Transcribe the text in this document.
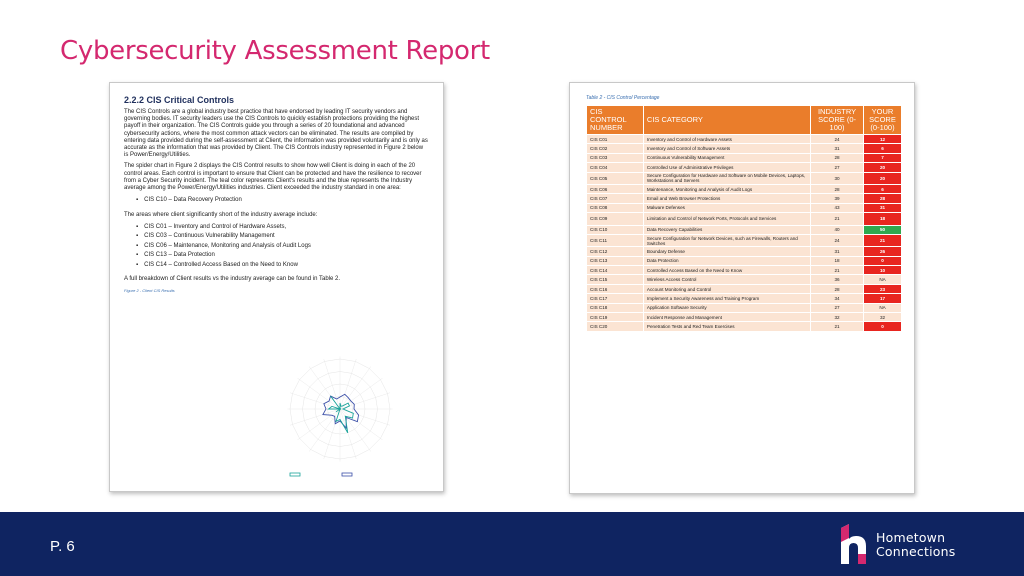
Cybersecurity Assessment Report
2.2.2 CIS Critical Controls

The CIS Controls are a global industry best practice that have endorsed by leading IT security vendors and governing bodies. IT security leaders use the CIS Controls to quickly establish protections providing the highest payoff in their organization. The CIS Controls guide you through a series of 20 foundational and advanced cybersecurity actions, where the most common attack vectors can be eliminated. The results are compiled by entering data provided during the self-assessment at Client, the information was provided voluntarily and is only as accurate as the information that was provided by Client. The CIS Controls industry represented in Figure 2 below is Power/Energy/Utilities.

The spider chart in Figure 2 displays the CIS Control results to show how well Client is doing in each of the 20 control areas. Each control is important to ensure that Client can be protected and have the resilience to recover from a Cyber Security incident. The teal color represents Client's results and the blue represents the Industry average among the Power/Energy/Utilities industries. Client exceeded the industry standard in one area:

▪ CIS C10 – Data Recovery Protection

The areas where client significantly short of the industry average include:

▪ CIS C01 – Inventory and Control of Hardware Assets,
▪ CIS C03 – Continuous Vulnerability Management
▪ CIS C06 – Maintenance, Monitoring and Analysis of Audit Logs
▪ CIS C13 – Data Protection
▪ CIS C14 – Controlled Access Based on the Need to Know

A full breakdown of Client results vs the industry average can be found in Table 2.

Figure 2 - Client CIS Results
Table 2 - CIS Control Percentage
CIS CONTROL NUMBER	CIS CATEGORY	INDUSTRY SCORE (0-100)	YOUR SCORE (0-100)
CIS C01	Inventory and Control of Hardware Assets	24	12
CIS C02	Inventory and Control of Software Assets	31	6
CIS C03	Continuous Vulnerability Management	28	7
CIS C04	Controlled Use of Administrative Privileges	27	20
CIS C05	Secure Configuration for Hardware and Software on Mobile Devices, Laptops, Workstations and Servers	30	20
CIS C06	Maintenance, Monitoring and Analysis of Audit Logs	28	6
CIS C07	Email and Web Browser Protections	39	28
CIS C08	Malware Defenses	43	31
CIS C09	Limitation and Control of Network Ports, Protocols and Services	21	18
CIS C10	Data Recovery Capabilities	40	50
CIS C11	Secure Configuration for Network Devices, such as Firewalls, Routers and Switches	24	21
CIS C12	Boundary Defense	31	26
CIS C13	Data Protection	18	0
CIS C14	Controlled Access Based on the Need to Know	21	10
CIS C15	Wireless Access Control	36	NA
CIS C16	Account Monitoring and Control	28	23
CIS C17	Implement a Security Awareness and Training Program	34	17
CIS C18	Application Software Security	27	NA
CIS C19	Incident Response and Management	32	32
CIS C20	Penetration Tests and Red Team Exercises	21	0
P. 6
Hometown
Connections
